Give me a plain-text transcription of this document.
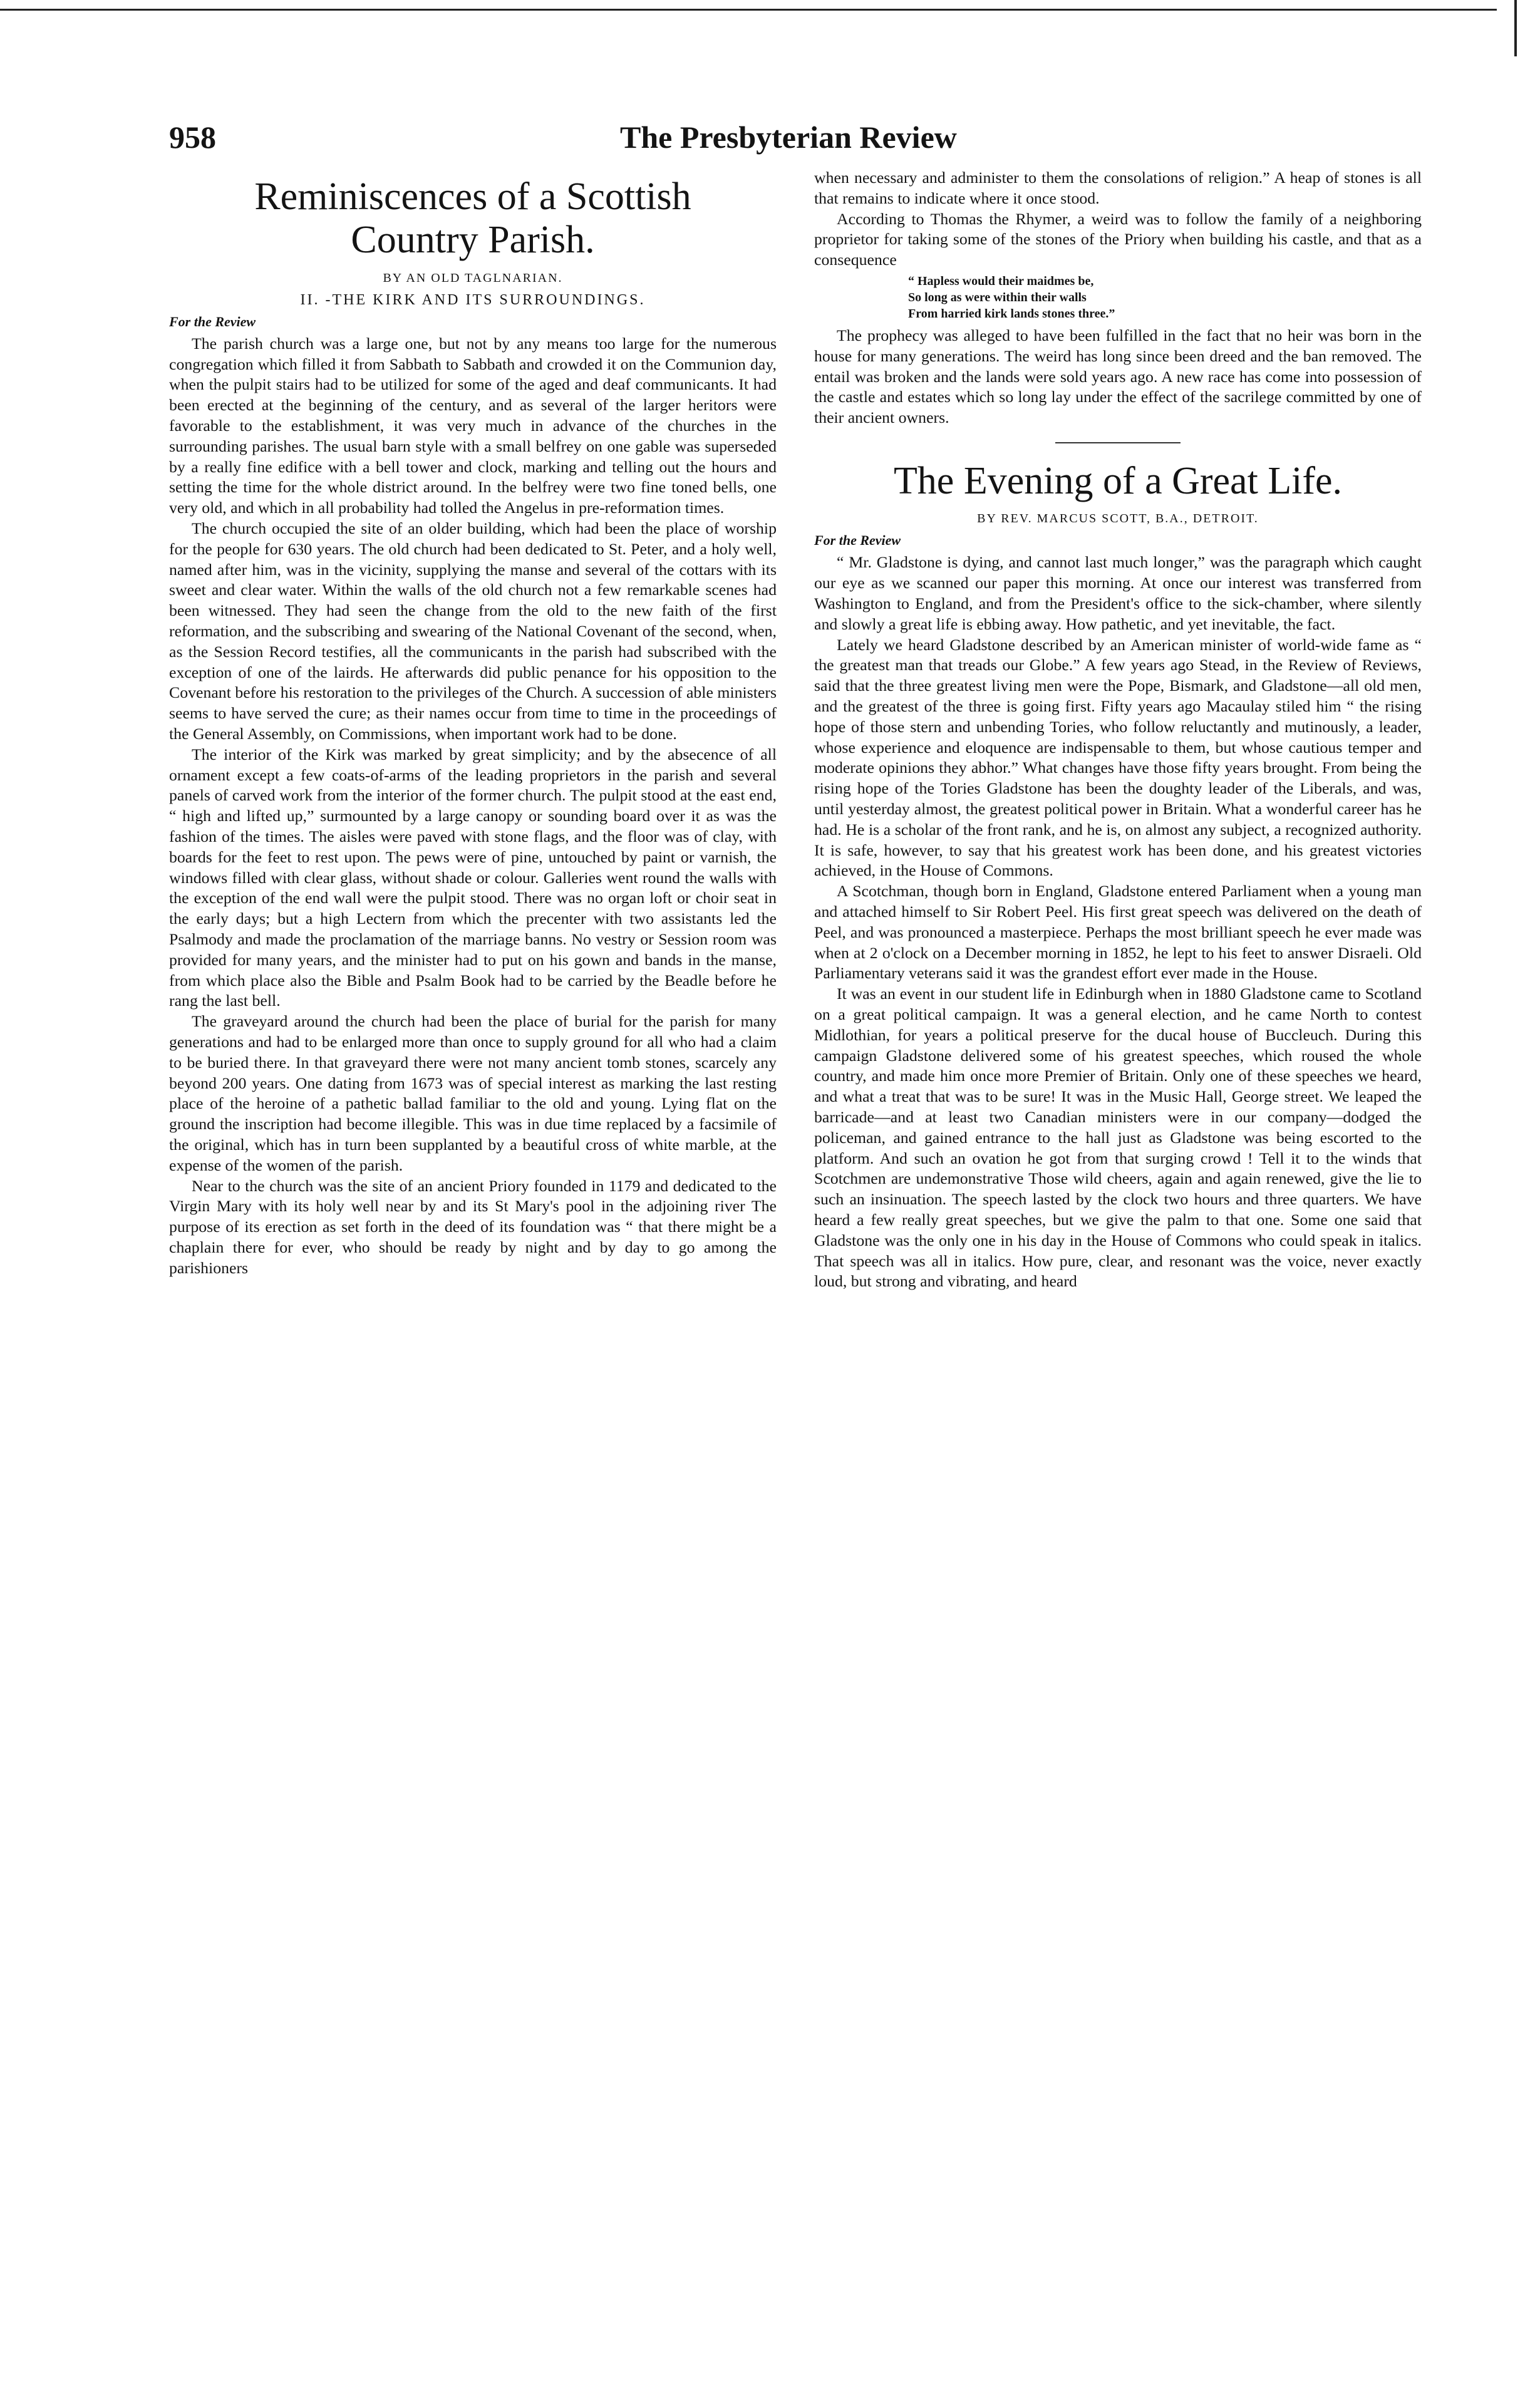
958	The Presbyterian Review
Reminiscences of a Scottish
Country Parish.
BY AN OLD TAGLNARIAN.
II. -THE KIRK AND ITS SURROUNDINGS.
For the Review

The parish church was a large one, but not by any means too large for the numerous congregation which filled it from Sabbath to Sabbath and crowded it on the Communion day, when the pulpit stairs had to be utilized for some of the aged and deaf communicants. It had been erected at the beginning of the century, and as several of the larger heritors were favorable to the establishment, it was very much in advance of the churches in the surrounding parishes. The usual barn style with a small belfrey on one gable was superseded by a really fine edifice with a bell tower and clock, marking and telling out the hours and setting the time for the whole district around. In the belfrey were two fine toned bells, one very old, and which in all probability had tolled the Angelus in pre-reformation times.

The church occupied the site of an older building, which had been the place of worship for the people for 630 years. The old church had been dedicated to St. Peter, and a holy well, named after him, was in the vicinity, supplying the manse and several of the cottars with its sweet and clear water. Within the walls of the old church not a few remarkable scenes had been witnessed. They had seen the change from the old to the new faith of the first reformation, and the subscribing and swearing of the National Covenant of the second, when, as the Session Record testifies, all the communicants in the parish had subscribed with the exception of one of the lairds. He afterwards did public penance for his opposition to the Covenant before his restoration to the privileges of the Church. A succession of able ministers seems to have served the cure; as their names occur from time to time in the proceedings of the General Assembly, on Commissions, when important work had to be done.

The interior of the Kirk was marked by great simplicity; and by the absecence of all ornament except a few coats-of-arms of the leading proprietors in the parish and several panels of carved work from the interior of the former church. The pulpit stood at the east end, “ high and lifted up,” surmounted by a large canopy or sounding board over it as was the fashion of the times. The aisles were paved with stone flags, and the floor was of clay, with boards for the feet to rest upon. The pews were of pine, untouched by paint or varnish, the windows filled with clear glass, without shade or colour. Galleries went round the walls with the exception of the end wall were the pulpit stood. There was no organ loft or choir seat in the early days; but a high Lectern from which the precenter with two assistants led the Psalmody and made the proclamation of the marriage banns. No vestry or Session room was provided for many years, and the minister had to put on his gown and bands in the manse, from which place also the Bible and Psalm Book had to be carried by the Beadle before he rang the last bell.

The graveyard around the church had been the place of burial for the parish for many generations and had to be enlarged more than once to supply ground for all who had a claim to be buried there. In that graveyard there were not many ancient tomb stones, scarcely any beyond 200 years. One dating from 1673 was of special interest as marking the last resting place of the heroine of a pathetic ballad familiar to the old and young. Lying flat on the ground the inscription had become illegible. This was in due time replaced by a facsimile of the original, which has in turn been supplanted by a beautiful cross of white marble, at the expense of the women of the parish.

Near to the church was the site of an ancient Priory founded in 1179 and dedicated to the Virgin Mary with its holy well near by and its St Mary's pool in the adjoining river The purpose of its erection as set forth in the deed of its foundation was “ that there might be a chaplain there for ever, who should be ready by night and by day to go among the parishioners

when necessary and administer to them the consolations of religion.” A heap of stones is all that remains to indicate where it once stood.

According to Thomas the Rhymer, a weird was to follow the family of a neighboring proprietor for taking some of the stones of the Priory when building his castle, and that as a consequence

“ Hapless would their maidmes be,
So long as were within their walls
From harried kirk lands stones three.”

The prophecy was alleged to have been fulfilled in the fact that no heir was born in the house for many generations. The weird has long since been dreed and the ban removed. The entail was broken and the lands were sold years ago. A new race has come into possession of the castle and estates which so long lay under the effect of the sacrilege committed by one of their ancient owners.

The Evening of a Great Life.
BY REV. MARCUS SCOTT, B.A., DETROIT.
For the Review

“ Mr. Gladstone is dying, and cannot last much longer,” was the paragraph which caught our eye as we scanned our paper this morning. At once our interest was transferred from Washington to England, and from the President's office to the sick-chamber, where silently and slowly a great life is ebbing away. How pathetic, and yet inevitable, the fact.

Lately we heard Gladstone described by an American minister of world-wide fame as “ the greatest man that treads our Globe.” A few years ago Stead, in the Review of Reviews, said that the three greatest living men were the Pope, Bismark, and Gladstone—all old men, and the greatest of the three is going first. Fifty years ago Macaulay stiled him “ the rising hope of those stern and unbending Tories, who follow reluctantly and mutinously, a leader, whose experience and eloquence are indispensable to them, but whose cautious temper and moderate opinions they abhor.” What changes have those fifty years brought. From being the rising hope of the Tories Gladstone has been the doughty leader of the Liberals, and was, until yesterday almost, the greatest political power in Britain. What a wonderful career has he had. He is a scholar of the front rank, and he is, on almost any subject, a recognized authority. It is safe, however, to say that his greatest work has been done, and his greatest victories achieved, in the House of Commons.

A Scotchman, though born in England, Gladstone entered Parliament when a young man and attached himself to Sir Robert Peel. His first great speech was delivered on the death of Peel, and was pronounced a masterpiece. Perhaps the most brilliant speech he ever made was when at 2 o'clock on a December morning in 1852, he lept to his feet to answer Disraeli. Old Parliamentary veterans said it was the grandest effort ever made in the House.

It was an event in our student life in Edinburgh when in 1880 Gladstone came to Scotland on a great political campaign. It was a general election, and he came North to contest Midlothian, for years a political preserve for the ducal house of Buccleuch. During this campaign Gladstone delivered some of his greatest speeches, which roused the whole country, and made him once more Premier of Britain. Only one of these speeches we heard, and what a treat that was to be sure! It was in the Music Hall, George street. We leaped the barricade—and at least two Canadian ministers were in our company—dodged the policeman, and gained entrance to the hall just as Gladstone was being escorted to the platform. And such an ovation he got from that surging crowd ! Tell it to the winds that Scotchmen are undemonstrative Those wild cheers, again and again renewed, give the lie to such an insinuation. The speech lasted by the clock two hours and three quarters. We have heard a few really great speeches, but we give the palm to that one. Some one said that Gladstone was the only one in his day in the House of Commons who could speak in italics. That speech was all in italics. How pure, clear, and resonant was the voice, never exactly loud, but strong and vibrating, and heard
